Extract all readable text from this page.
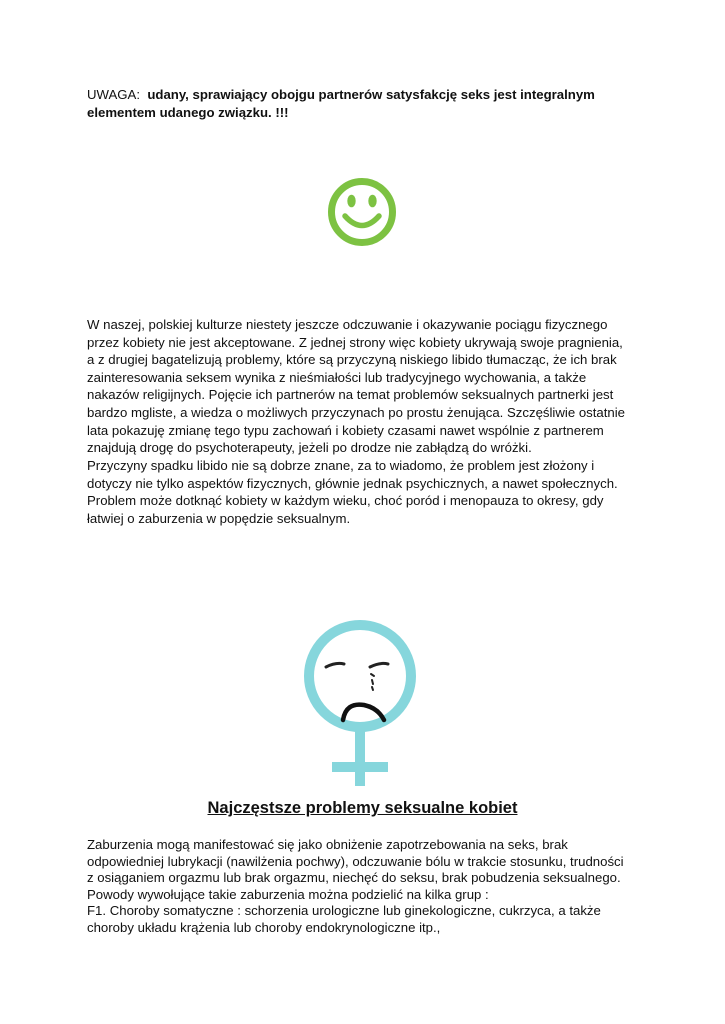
UWAGA: udany, sprawiający obojgu partnerów satysfakcję seks jest integralnym
elementem udanego związku. !!!

W naszej, polskiej kulturze niestety jeszcze odczuwanie i okazywanie pociągu fizycznego
przez kobiety nie jest akceptowane. Z jednej strony więc kobiety ukrywają swoje pragnienia,
a z drugiej bagatelizują problemy, które są przyczyną niskiego libido tłumacząc, że ich brak
zainteresowania seksem wynika z nieśmiałości lub tradycyjnego wychowania, a także
nakazów religijnych. Pojęcie ich partnerów na temat problemów seksualnych partnerki jest
bardzo mgliste, a wiedza o możliwych przyczynach po prostu żenująca. Szczęśliwie ostatnie
lata pokazuję zmianę tego typu zachowań i kobiety czasami nawet wspólnie z partnerem
znajdują drogę do psychoterapeuty, jeżeli po drodze nie zabłądzą do wróżki.

Przyczyny spadku libido nie są dobrze znane, za to wiadomo, że problem jest złożony i
dotyczy nie tylko aspektów fizycznych, głównie jednak psychicznych, a nawet społecznych.
Problem może dotknąć kobiety w każdym wieku, choć poród i menopauza to okresy, gdy
łatwiej o zaburzenia w popędzie seksualnym.

Najczęstsze problemy seksualne kobiet

Zaburzenia mogą manifestować się jako obniżenie zapotrzebowania na seks, brak
odpowiedniej lubrykacji (nawilżenia pochwy), odczuwanie bólu w trakcie stosunku, trudności
z osiąganiem orgazmu lub brak orgazmu, niechęć do seksu, brak pobudzenia seksualnego.
Powody wywołujące takie zaburzenia można podzielić na kilka grup :
F1. Choroby somatyczne : schorzenia urologiczne lub ginekologiczne, cukrzyca, a także
choroby układu krążenia lub choroby endokrynologiczne itp.,
